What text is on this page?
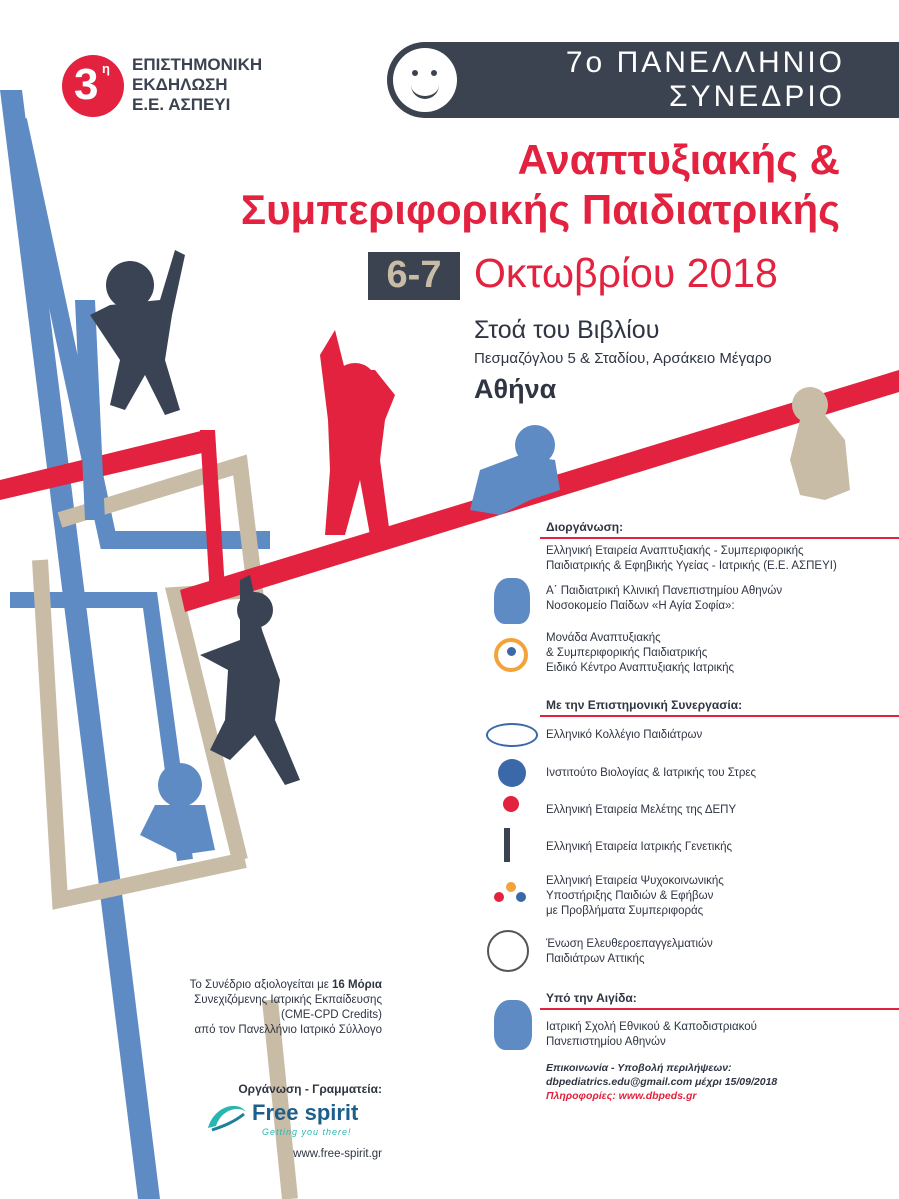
3 η ΕΠΙΣΤΗΜΟΝΙΚΗ
ΕΚΔΗΛΩΣΗ
Ε.Ε. ΑΣΠΕΥΙ
7ο ΠΑΝΕΛΛΗΝΙΟ
ΣΥΝΕΔΡΙΟ
Αναπτυξιακής &
Συμπεριφορικής Παιδιατρικής
6-7 Οκτωβρίου 2018
Στοά του Βιβλίου
Πεσμαζόγλου 5 & Σταδίου, Αρσάκειο Μέγαρο
Αθήνα
Διοργάνωση:
Ελληνική Εταιρεία Αναπτυξιακής - Συμπεριφορικής
Παιδιατρικής & Εφηβικής Υγείας - Ιατρικής (Ε.Ε. ΑΣΠΕΥΙ)
Α΄ Παιδιατρική Κλινική Πανεπιστημίου Αθηνών
Νοσοκομείο Παίδων «Η Αγία Σοφία»:
Μονάδα Αναπτυξιακής
& Συμπεριφορικής Παιδιατρικής
Ειδικό Κέντρο Αναπτυξιακής Ιατρικής
Με την Επιστημονική Συνεργασία:
Ελληνικό Κολλέγιο Παιδιάτρων
Ινστιτούτο Βιολογίας & Ιατρικής του Στρες
Ελληνική Εταιρεία Μελέτης της ΔΕΠΥ
Ελληνική Εταιρεία Ιατρικής Γενετικής
Ελληνική Εταιρεία Ψυχοκοινωνικής
Υποστήριξης Παιδιών & Εφήβων
με Προβλήματα Συμπεριφοράς
Ένωση Ελευθεροεπαγγελματιών
Παιδιάτρων Αττικής
Υπό την Αιγίδα:
Ιατρική Σχολή Εθνικού & Καποδιστριακού
Πανεπιστημίου Αθηνών
Επικοινωνία - Υποβολή περιλήψεων:
dbpediatrics.edu@gmail.com μέχρι 15/09/2018
Πληροφορίες: www.dbpeds.gr
Το Συνέδριο αξιολογείται με 16 Μόρια
Συνεχιζόμενης Ιατρικής Εκπαίδευσης
(CME-CPD Credits)
από τον Πανελλήνιο Ιατρικό Σύλλογο
Οργάνωση - Γραμματεία:
Free spirit
Getting you there!
www.free-spirit.gr
